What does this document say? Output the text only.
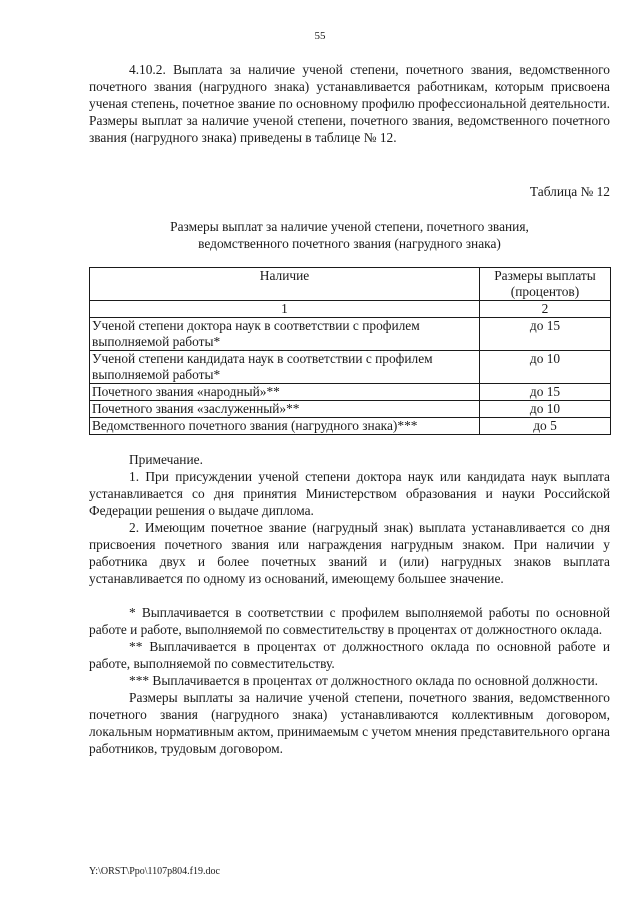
55

4.10.2. Выплата за наличие ученой степени, почетного звания, ведомственного почетного звания (нагрудного знака) устанавливается работникам, которым присвоена ученая степень, почетное звание по основному профилю профессиональной деятельности. Размеры выплат за наличие ученой степени, почетного звания, ведомственного почетного звания (нагрудного знака) приведены в таблице № 12.

Таблица № 12

Размеры выплат за наличие ученой степени, почетного звания,
ведомственного почетного звания (нагрудного знака)
Наличие	Размеры выплаты (процентов)
1	2
Ученой степени доктора наук в соответствии с профилем выполняемой работы*	до 15
Ученой степени кандидата наук в соответствии с профилем выполняемой работы*	до 10
Почетного звания «народный»**	до 15
Почетного звания «заслуженный»**	до 10
Ведомственного почетного звания (нагрудного знака)***	до 5

Примечание.

1. При присуждении ученой степени доктора наук или кандидата наук выплата устанавливается со дня принятия Министерством образования и науки Российской Федерации решения о выдаче диплома.

2. Имеющим почетное звание (нагрудный знак) выплата устанавливается со дня присвоения почетного звания или награждения нагрудным знаком. При наличии у работника двух и более почетных званий и (или) нагрудных знаков выплата устанавливается по одному из оснований, имеющему большее значение.

* Выплачивается в соответствии с профилем выполняемой работы по основной работе и работе, выполняемой по совместительству в процентах от должностного оклада.

** Выплачивается в процентах от должностного оклада по основной работе и работе, выполняемой по совместительству.

*** Выплачивается в процентах от должностного оклада по основной должности.

Размеры выплаты за наличие ученой степени, почетного звания, ведомственного почетного звания (нагрудного знака) устанавливаются коллективным договором, локальным нормативным актом, принимаемым с учетом мнения представительного органа работников, трудовым договором.

Y:\ORST\Ppo\1107p804.f19.doc
